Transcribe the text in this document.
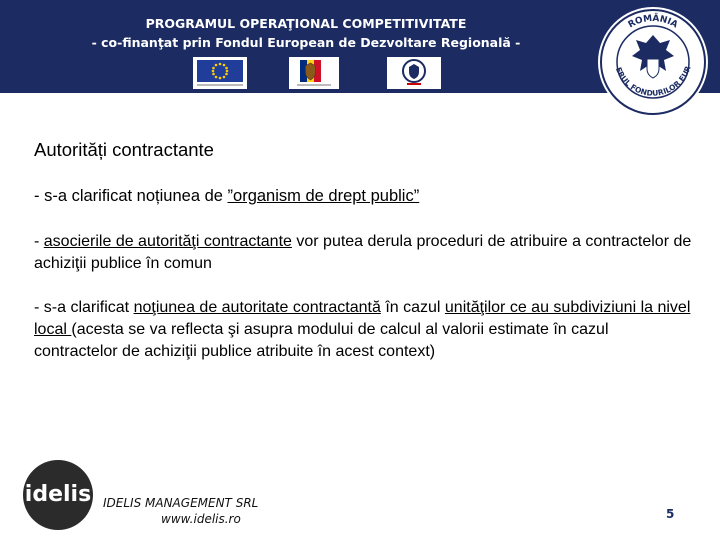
PROGRAMUL OPERAŢIONAL COMPETITIVITATE
- co-finanţat prin Fondul European de Dezvoltare Regională -
ROMÂNIA
ERUL FONDURILOR EUR
Autorități contractante
- s-a clarificat noțiunea de ”organism de drept public”
- asocierile de autorităţi contractante vor putea derula proceduri de atribuire a contractelor de achiziţii publice în comun
- s-a clarificat noţiunea de autoritate contractantă în cazul unităţilor ce au subdiviziuni la nivel local (acesta se va reflecta şi asupra modului de calcul al valorii estimate în cazul contractelor de achiziţii publice atribuite în acest context)
idelis IDELIS MANAGEMENT SRL
www.idelis.ro	5
